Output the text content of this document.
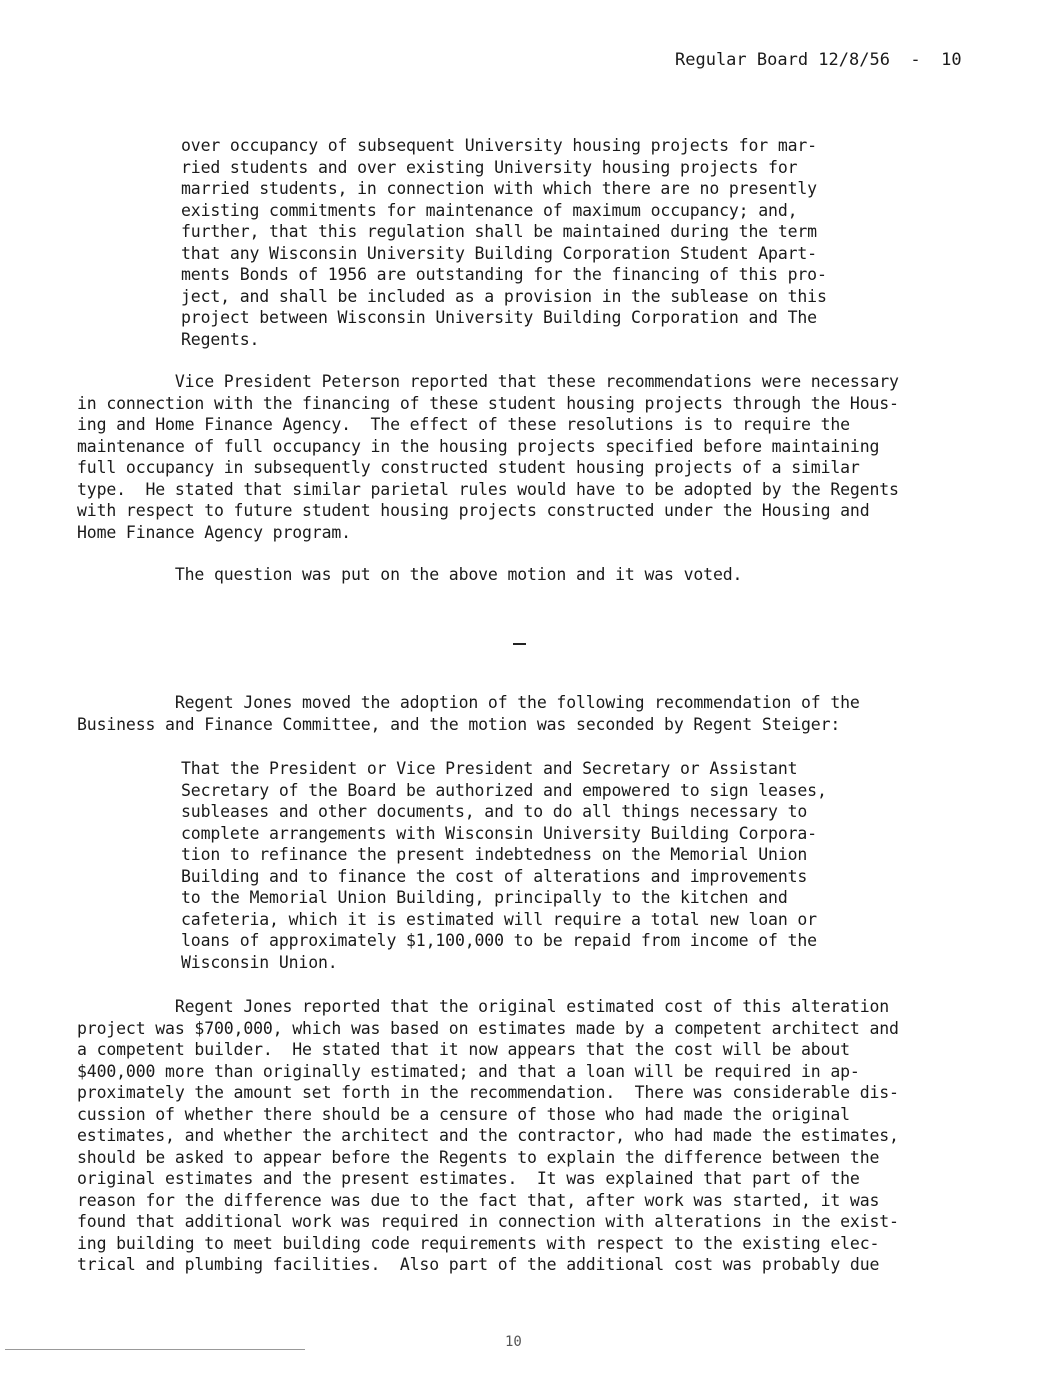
Regular Board 12/8/56  -  10
over occupancy of subsequent University housing projects for mar-
ried students and over existing University housing projects for
married students, in connection with which there are no presently
existing commitments for maintenance of maximum occupancy; and,
further, that this regulation shall be maintained during the term
that any Wisconsin University Building Corporation Student Apart-
ments Bonds of 1956 are outstanding for the financing of this pro-
ject, and shall be included as a provision in the sublease on this
project between Wisconsin University Building Corporation and The
Regents.
Vice President Peterson reported that these recommendations were necessary
in connection with the financing of these student housing projects through the Hous-
ing and Home Finance Agency.  The effect of these resolutions is to require the
maintenance of full occupancy in the housing projects specified before maintaining
full occupancy in subsequently constructed student housing projects of a similar
type.  He stated that similar parietal rules would have to be adopted by the Regents
with respect to future student housing projects constructed under the Housing and
Home Finance Agency program.
The question was put on the above motion and it was voted.
Regent Jones moved the adoption of the following recommendation of the
Business and Finance Committee, and the motion was seconded by Regent Steiger:
That the President or Vice President and Secretary or Assistant
Secretary of the Board be authorized and empowered to sign leases,
subleases and other documents, and to do all things necessary to
complete arrangements with Wisconsin University Building Corpora-
tion to refinance the present indebtedness on the Memorial Union
Building and to finance the cost of alterations and improvements
to the Memorial Union Building, principally to the kitchen and
cafeteria, which it is estimated will require a total new loan or
loans of approximately $1,100,000 to be repaid from income of the
Wisconsin Union.
Regent Jones reported that the original estimated cost of this alteration
project was $700,000, which was based on estimates made by a competent architect and
a competent builder.  He stated that it now appears that the cost will be about
$400,000 more than originally estimated; and that a loan will be required in ap-
proximately the amount set forth in the recommendation.  There was considerable dis-
cussion of whether there should be a censure of those who had made the original
estimates, and whether the architect and the contractor, who had made the estimates,
should be asked to appear before the Regents to explain the difference between the
original estimates and the present estimates.  It was explained that part of the
reason for the difference was due to the fact that, after work was started, it was
found that additional work was required in connection with alterations in the exist-
ing building to meet building code requirements with respect to the existing elec-
trical and plumbing facilities.  Also part of the additional cost was probably due
10
